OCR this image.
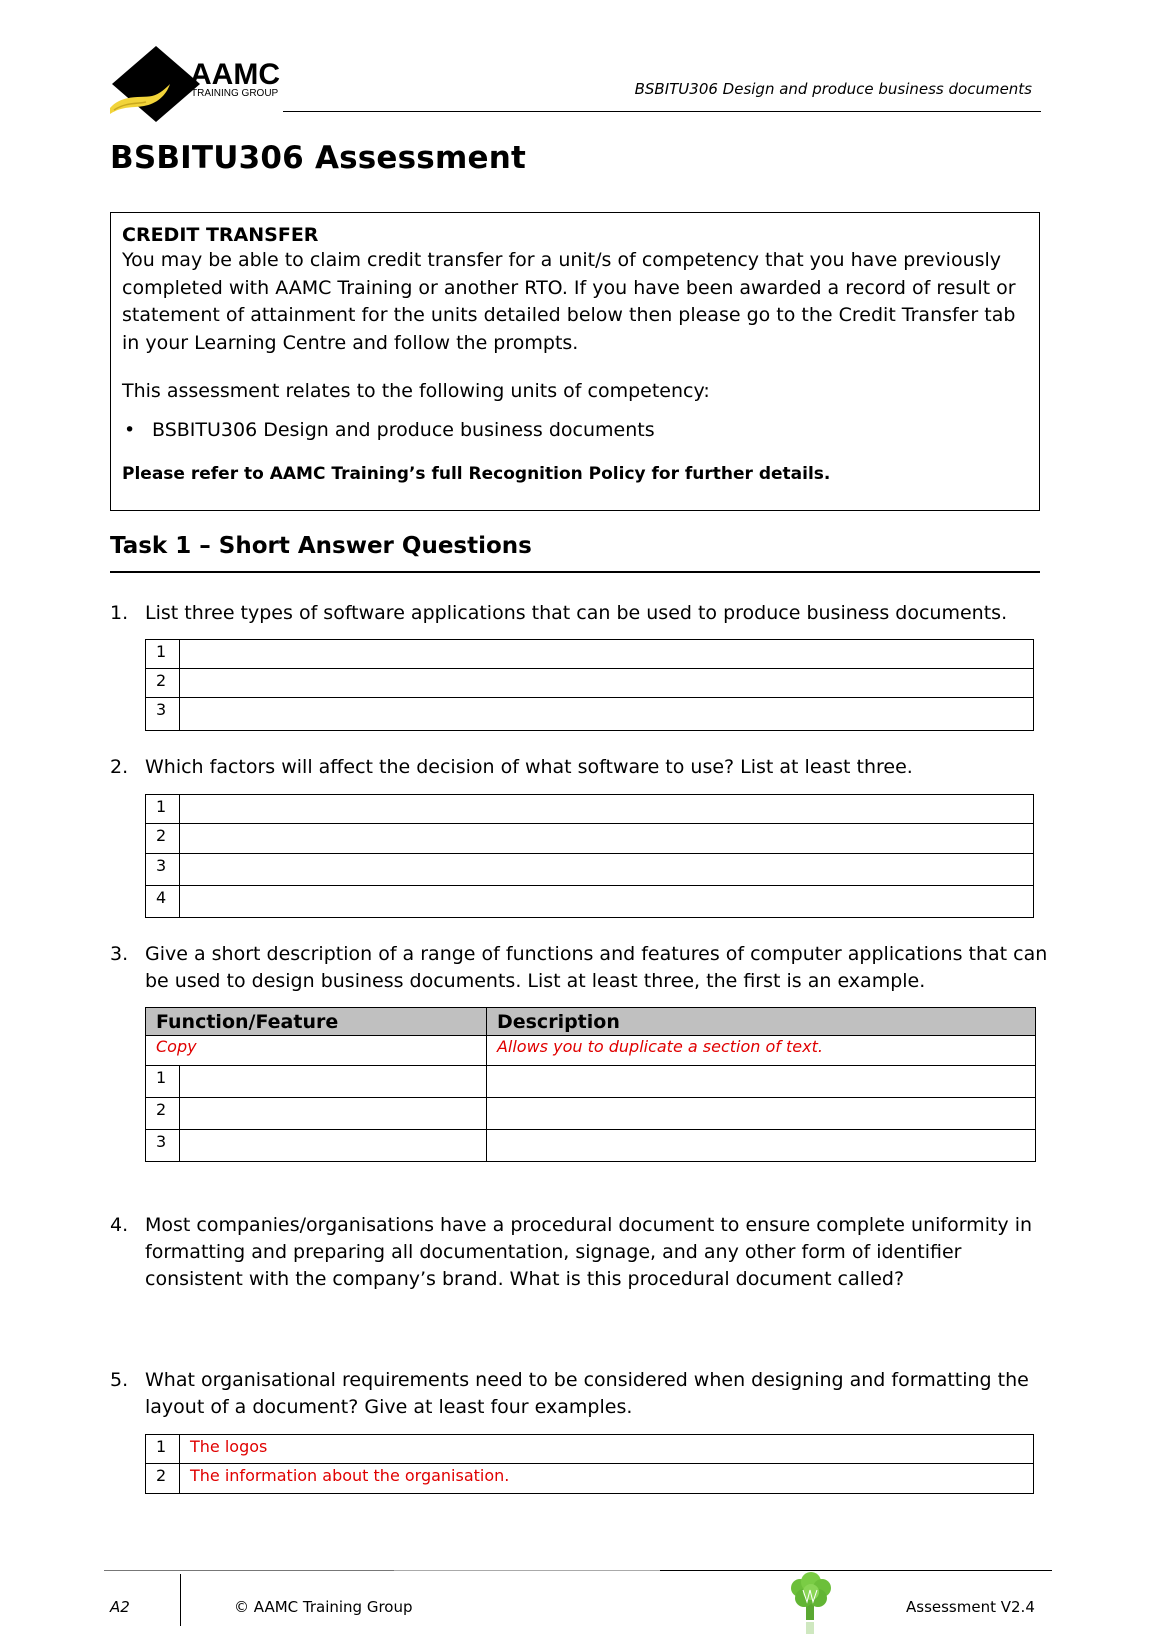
AAMC
TRAINING GROUP	BSBITU306 Design and produce business documents
BSBITU306 Assessment
CREDIT TRANSFER
You may be able to claim credit transfer for a unit/s of competency that you have previously completed with AAMC Training or another RTO. If you have been awarded a record of result or statement of attainment for the units detailed below then please go to the Credit Transfer tab in your Learning Centre and follow the prompts.
This assessment relates to the following units of competency:
• BSBITU306 Design and produce business documents
Please refer to AAMC Training’s full Recognition Policy for further details.
Task 1 – Short Answer Questions
1. List three types of software applications that can be used to produce business documents.
1	
2	
3	
2. Which factors will affect the decision of what software to use? List at least three.
1	
2	
3	
4	
3. Give a short description of a range of functions and features of computer applications that can be used to design business documents. List at least three, the first is an example.
Function/Feature		Description
Copy		Allows you to duplicate a section of text.
1		
2		
3		
4. Most companies/organisations have a procedural document to ensure complete uniformity in formatting and preparing all documentation, signage, and any other form of identifier consistent with the company’s brand. What is this procedural document called?
5. What organisational requirements need to be considered when designing and formatting the layout of a document? Give at least four examples.
1	The logos
2	The information about the organisation.
A2	© AAMC Training Group	Assessment V2.4
